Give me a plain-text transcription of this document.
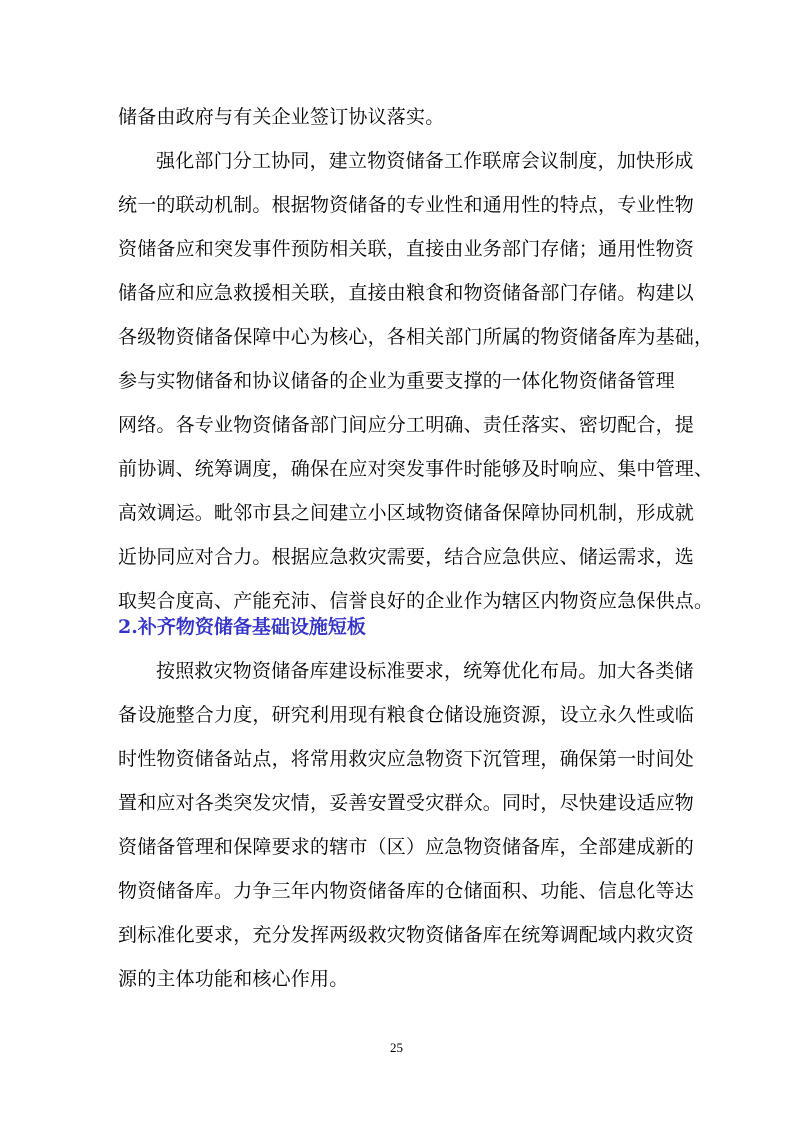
储备由政府与有关企业签订协议落实。
强化部门分工协同，建立物资储备工作联席会议制度，加快形成
统一的联动机制。根据物资储备的专业性和通用性的特点，专业性物
资储备应和突发事件预防相关联，直接由业务部门存储；通用性物资
储备应和应急救援相关联，直接由粮食和物资储备部门存储。构建以
各级物资储备保障中心为核心，各相关部门所属的物资储备库为基础，
参与实物储备和协议储备的企业为重要支撑的一体化物资储备管理
网络。各专业物资储备部门间应分工明确、责任落实、密切配合，提
前协调、统筹调度，确保在应对突发事件时能够及时响应、集中管理、
高效调运。毗邻市县之间建立小区域物资储备保障协同机制，形成就
近协同应对合力。根据应急救灾需要，结合应急供应、储运需求，选
取契合度高、产能充沛、信誉良好的企业作为辖区内物资应急保供点。
2.补齐物资储备基础设施短板
按照救灾物资储备库建设标准要求，统筹优化布局。加大各类储
备设施整合力度，研究利用现有粮食仓储设施资源，设立永久性或临
时性物资储备站点，将常用救灾应急物资下沉管理，确保第一时间处
置和应对各类突发灾情，妥善安置受灾群众。同时，尽快建设适应物
资储备管理和保障要求的辖市（区）应急物资储备库，全部建成新的
物资储备库。力争三年内物资储备库的仓储面积、功能、信息化等达
到标准化要求，充分发挥两级救灾物资储备库在统筹调配域内救灾资
源的主体功能和核心作用。
25
